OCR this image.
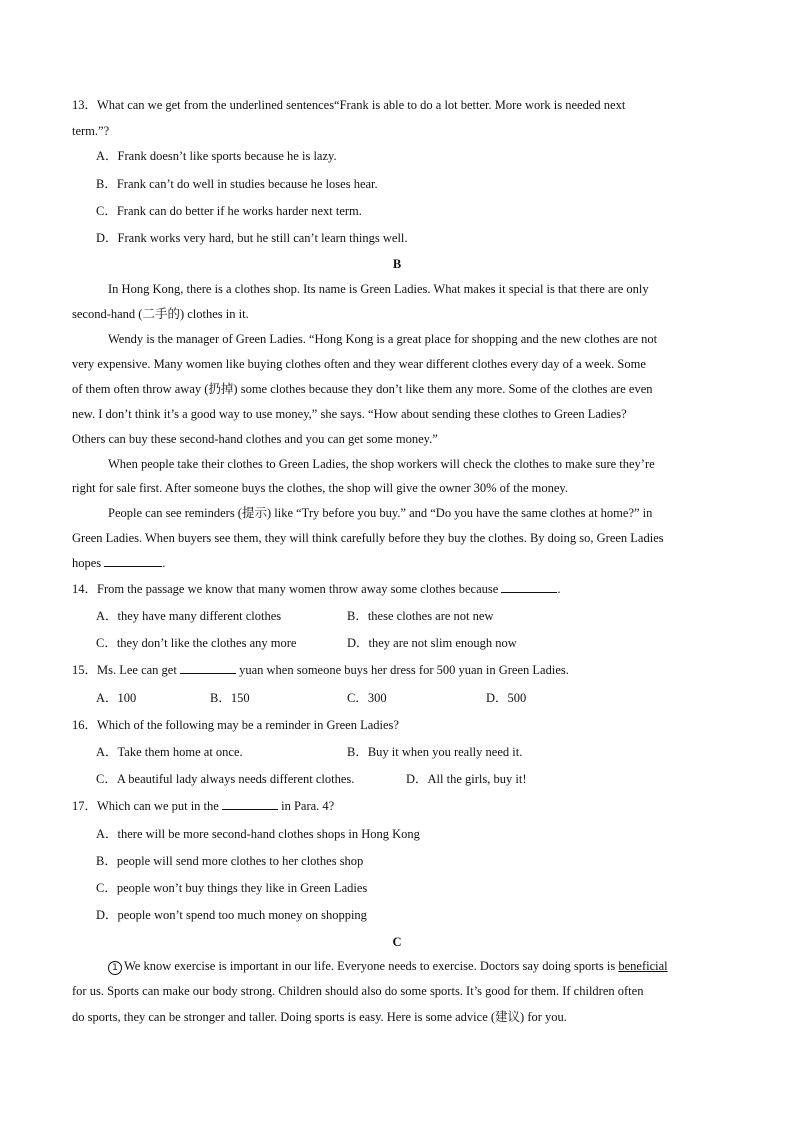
13．What can we get from the underlined sentences“Frank is able to do a lot better. More work is needed next
term.”?
A．Frank doesn’t like sports because he is lazy.
B．Frank can’t do well in studies because he loses hear.
C．Frank can do better if he works harder next term.
D．Frank works very hard, but he still can’t learn things well.
B
In Hong Kong, there is a clothes shop. Its name is Green Ladies. What makes it special is that there are only
second-hand (二手的) clothes in it.
Wendy is the manager of Green Ladies. “Hong Kong is a great place for shopping and the new clothes are not
very expensive. Many women like buying clothes often and they wear different clothes every day of a week. Some
of them often throw away (扔掉) some clothes because they don’t like them any more. Some of the clothes are even
new. I don’t think it’s a good way to use money,” she says. “How about sending these clothes to Green Ladies?
Others can buy these second-hand clothes and you can get some money.”
When people take their clothes to Green Ladies, the shop workers will check the clothes to make sure they’re
right for sale first. After someone buys the clothes, the shop will give the owner 30% of the money.
People can see reminders (提示) like “Try before you buy.” and “Do you have the same clothes at home?” in
Green Ladies. When buyers see them, they will think carefully before they buy the clothes. By doing so, Green Ladies
hopes	.
14．From the passage we know that many women throw away some clothes because	.
A．they have many different clothes	B．these clothes are not new
C．they don’t like the clothes any more	D．they are not slim enough now
15．Ms. Lee can get	yuan when someone buys her dress for 500 yuan in Green Ladies.
A．100	B．150	C．300	D．500
16．Which of the following may be a reminder in Green Ladies?
A．Take them home at once.	B．Buy it when you really need it.
C．A beautiful lady always needs different clothes.	D．All the girls, buy it!
17．Which can we put in the	in Para. 4?
A．there will be more second-hand clothes shops in Hong Kong
B．people will send more clothes to her clothes shop
C．people won’t buy things they like in Green Ladies
D．people won’t spend too much money on shopping
C
1 We know exercise is important in our life. Everyone needs to exercise. Doctors say doing sports is beneficial
for us. Sports can make our body strong. Children should also do some sports. It’s good for them. If children often
do sports, they can be stronger and taller. Doing sports is easy. Here is some advice (建议) for you.
